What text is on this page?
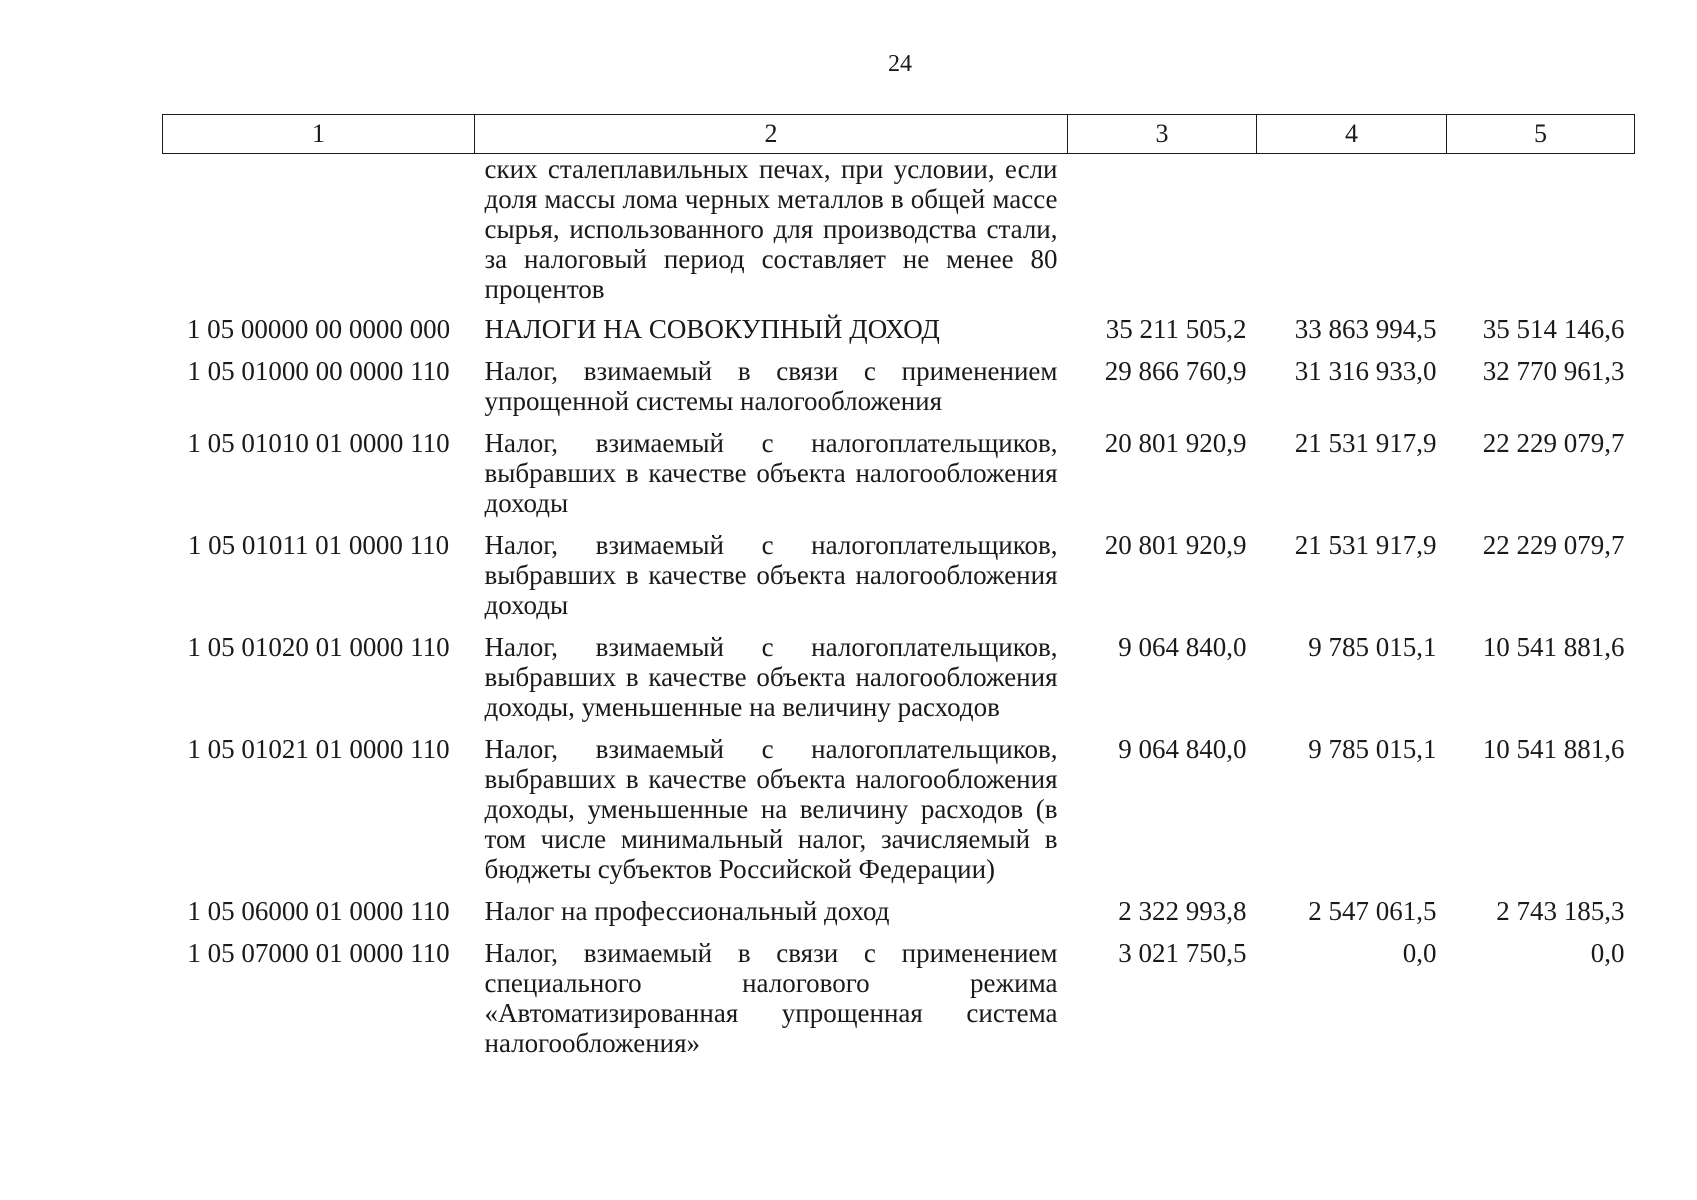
24
1	2	3	4	5
	ских сталеплавильных печах, при условии, если доля массы лома черных металлов в общей массе сырья, использованного для производства стали, за налоговый период составляет не менее 80 процентов			
1 05 00000 00 0000 000	НАЛОГИ НА СОВОКУПНЫЙ ДОХОД	35 211 505,2	33 863 994,5	35 514 146,6
1 05 01000 00 0000 110	Налог, взимаемый в связи с применением упрощенной системы налогообложения	29 866 760,9	31 316 933,0	32 770 961,3
1 05 01010 01 0000 110	Налог, взимаемый с налогоплательщиков, выбравших в качестве объекта налогообложения доходы	20 801 920,9	21 531 917,9	22 229 079,7
1 05 01011 01 0000 110	Налог, взимаемый с налогоплательщиков, выбравших в качестве объекта налогообложения доходы	20 801 920,9	21 531 917,9	22 229 079,7
1 05 01020 01 0000 110	Налог, взимаемый с налогоплательщиков, выбравших в качестве объекта налогообложения доходы, уменьшенные на величину расходов	9 064 840,0	9 785 015,1	10 541 881,6
1 05 01021 01 0000 110	Налог, взимаемый с налогоплательщиков, выбравших в качестве объекта налогообложения доходы, уменьшенные на величину расходов (в том числе минимальный налог, зачисляемый в бюджеты субъектов Российской Федерации)	9 064 840,0	9 785 015,1	10 541 881,6
1 05 06000 01 0000 110	Налог на профессиональный доход	2 322 993,8	2 547 061,5	2 743 185,3
1 05 07000 01 0000 110	Налог, взимаемый в связи с применением специального налогового режима «Автоматизированная упрощенная система налогообложения»	3 021 750,5	0,0	0,0
